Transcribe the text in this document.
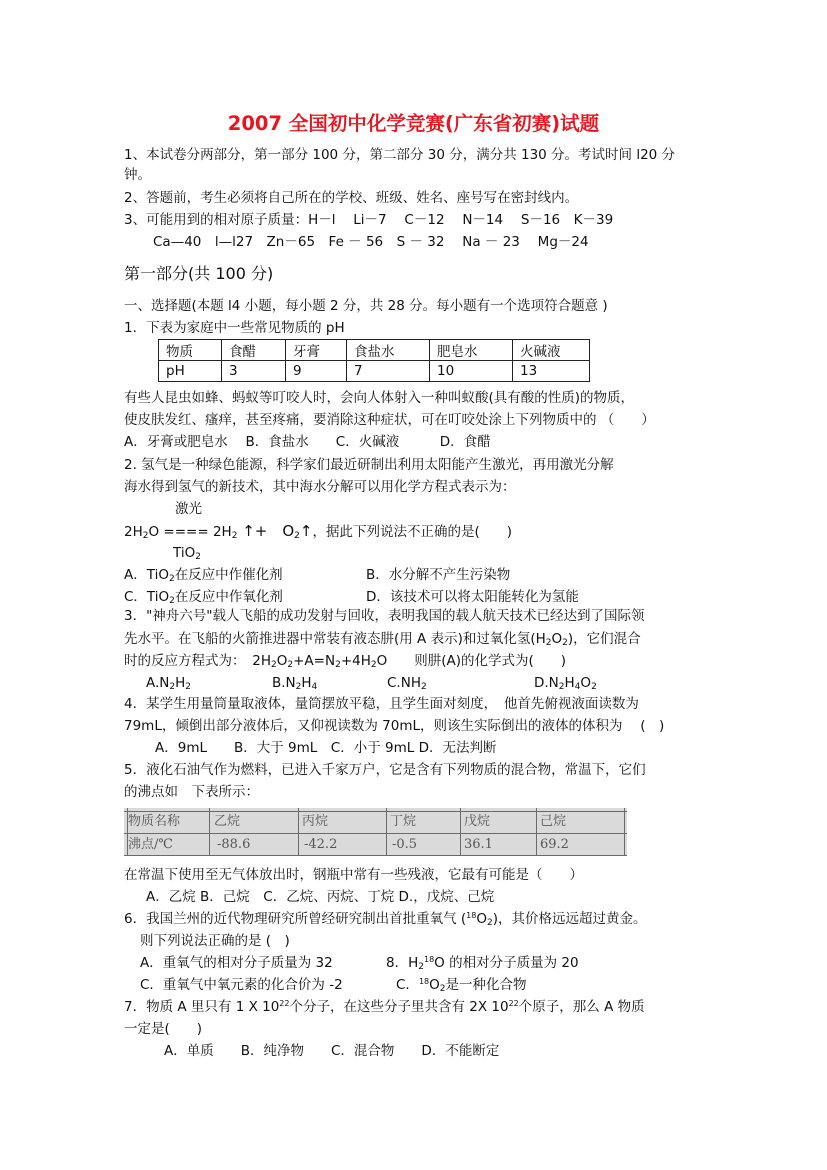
2007 全国初中化学竞赛(广东省初赛)试题
1、本试卷分两部分，第一部分 100 分，第二部分 30 分，满分共 130 分。考试时间 l20 分
钟。
2、答题前，考生必须将自己所在的学校、班级、姓名、座号写在密封线内。
3、可能用到的相对原子质量：H－l　 Li－7　 C－12　 N－14　 S－16　K－39
Ca—40　l—l27　Zn－65　Fe － 56　S － 32　 Na － 23　 Mg－24
第一部分(共 100 分)
一、选择题(本题 l4 小题，每小题 2 分，共 28 分。每小题有一个选项符合题意 )
1．下表为家庭中一些常见物质的 pH
物质	食醋	牙膏	食盐水	肥皂水	火碱液
pH	3	9	7	10	13
有些人昆虫如蜂、蚂蚁等叮咬人时，会向人体射入一种叫蚁酸(具有酸的性质)的物质，
使皮肤发红、瘙痒，甚至疼痛，要消除这种症状，可在叮咬处涂上下列物质中的 （　　）
A．牙膏或肥皂水　 B．食盐水　　C．火碱液　　　D．食醋
2. 氢气是一种绿色能源，科学家们最近研制出利用太阳能产生激光，再用激光分解
海水得到氢气的新技术，其中海水分解可以用化学方程式表示为：
激光
$2H_2O$ ==== $2H_2$ ↑+　$O_2↑$，据此下列说法不正确的是(　　)
TiO$_2$
A．TiO$_2$在反应中作催化剂	B．水分解不产生污染物
C．TiO$_2$在反应中作氧化剂	D．该技术可以将太阳能转化为氢能
3．"神舟六号"载人飞船的成功发射与回收，表明我国的载人航天技术已经达到了国际领
先水平。在飞船的火箭推进器中常装有液态肼(用 A 表示)和过氧化氢$(H_2O_2)$，它们混合
时的反应方程式为：　$2H_2O_2+A=N_2+4H_2O$　　则肼(A)的化学式为(　　)
$A.N_2H_2$	$B.N_2H_4$	$C.NH_2$	$D.N_2H_4O_2$
4．某学生用量筒量取液体，量筒摆放平稳，且学生面对刻度，　他首先俯视液面读数为
79mL，倾倒出部分液体后，又仰视读数为 70mL，则该生实际倒出的液体的体积为　 (　)
A．9mL　　B．大于 9mL　C．小于 9mL D．无法判断
5．液化石油气作为燃料，已进入千家万户，它是含有下列物质的混合物，常温下，它们
的沸点如　下表所示：
物质名称	乙烷	丙烷	丁烷	戊烷	己烷
沸点/℃	-88.6	-42.2	-0.5	36.1	69.2
在常温下使用至无气体放出时，钢瓶中常有一些残液，它最有可能是（　　）
A．乙烷 B．己烷　C．乙烷、丙烷、丁烷 D.，戊烷、己烷
6．我国兰州的近代物理研究所曾经研究制出首批重氧气 $(^{18}O_2)$，其价格远远超过黄金。
则下列说法正确的是 (　)
A．重氧气的相对分子质量为 32	8．$H_2^{18}O$ 的相对分子质量为 20
C．重氧气中氧元素的化合价为 -2	C．$^{18}O_2$是一种化合物
7．物质 A 里只有 1 X $10^{22}$个分子，在这些分子里共含有 2X $10^{22}$个原子，那么 A 物质
一定是(　　)
A．单质　　B．纯净物　　C．混合物　　D．不能断定
